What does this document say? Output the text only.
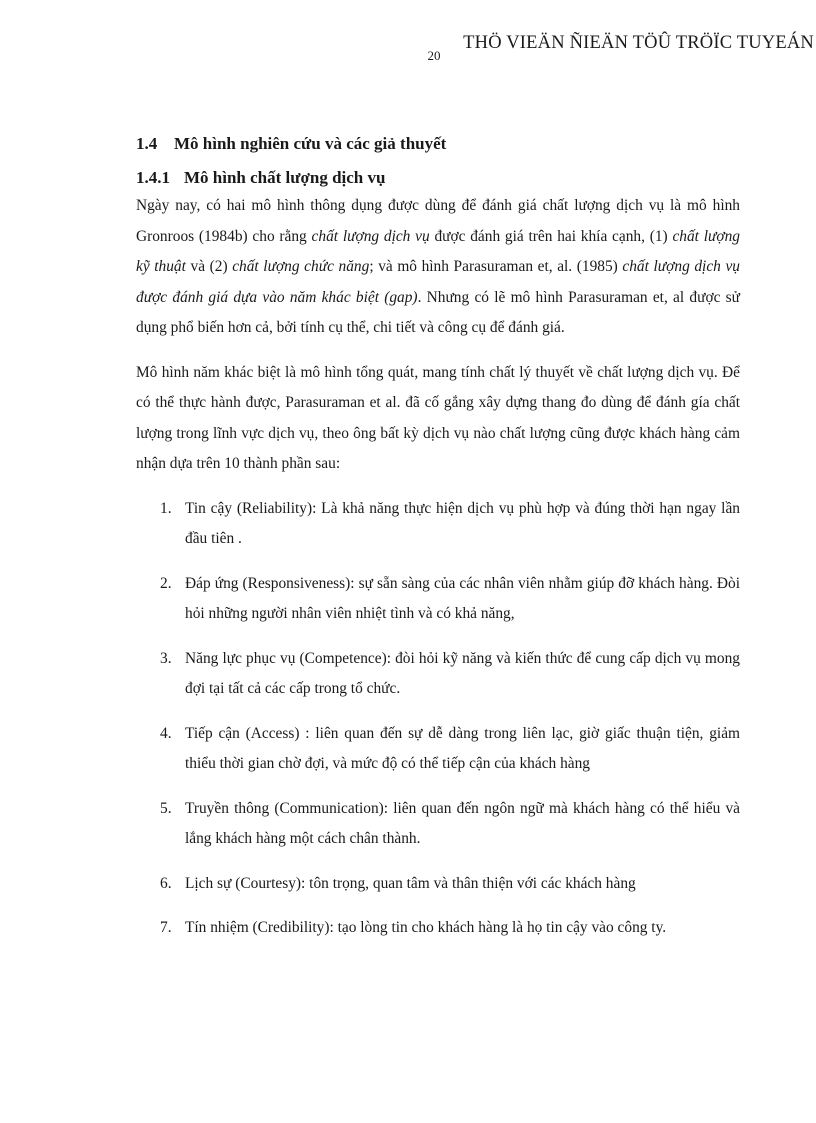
20
THÖ VIEÄN ÑIEÄN TÖÛ TRÖÏC TUYEÁN
1.4 Mô hình nghiên cứu và các giả thuyết
1.4.1 Mô hình chất lượng dịch vụ

Ngày nay, có hai mô hình thông dụng được dùng để đánh giá chất lượng dịch vụ là mô hình Gronroos (1984b) cho rằng chất lượng dịch vụ được đánh giá trên hai khía cạnh, (1) chất lượng kỹ thuật và (2) chất lượng chức năng; và mô hình Parasuraman et, al. (1985) chất lượng dịch vụ được đánh giá dựa vào năm khác biệt (gap). Nhưng có lẽ mô hình Parasuraman et, al được sử dụng phổ biến hơn cả, bởi tính cụ thể, chi tiết và công cụ để đánh giá.

Mô hình năm khác biệt là mô hình tổng quát, mang tính chất lý thuyết về chất lượng dịch vụ. Để có thể thực hành được, Parasuraman et al. đã cố gắng xây dựng thang đo dùng để đánh gía chất lượng trong lĩnh vực dịch vụ, theo ông bất kỳ dịch vụ nào chất lượng cũng được khách hàng cảm nhận dựa trên 10 thành phần sau:

1. Tin cậy (Reliability): Là khả năng thực hiện dịch vụ phù hợp và đúng thời hạn ngay lần đầu tiên .
2. Đáp ứng (Responsiveness): sự sẵn sàng của các nhân viên nhằm giúp đỡ khách hàng. Đòi hỏi những người nhân viên nhiệt tình và có khả năng,
3. Năng lực phục vụ (Competence): đòi hỏi kỹ năng và kiến thức để cung cấp dịch vụ mong đợi tại tất cả các cấp trong tổ chức.
4. Tiếp cận (Access) : liên quan đến sự dễ dàng trong liên lạc, giờ giấc thuận tiện, giảm thiểu thời gian chờ đợi, và mức độ có thể tiếp cận của khách hàng
5. Truyền thông (Communication): liên quan đến ngôn ngữ mà khách hàng có thể hiểu và lắng khách hàng một cách chân thành.
6. Lịch sự (Courtesy): tôn trọng, quan tâm và thân thiện với các khách hàng
7. Tín nhiệm (Credibility): tạo lòng tin cho khách hàng là họ tin cậy vào công ty.
